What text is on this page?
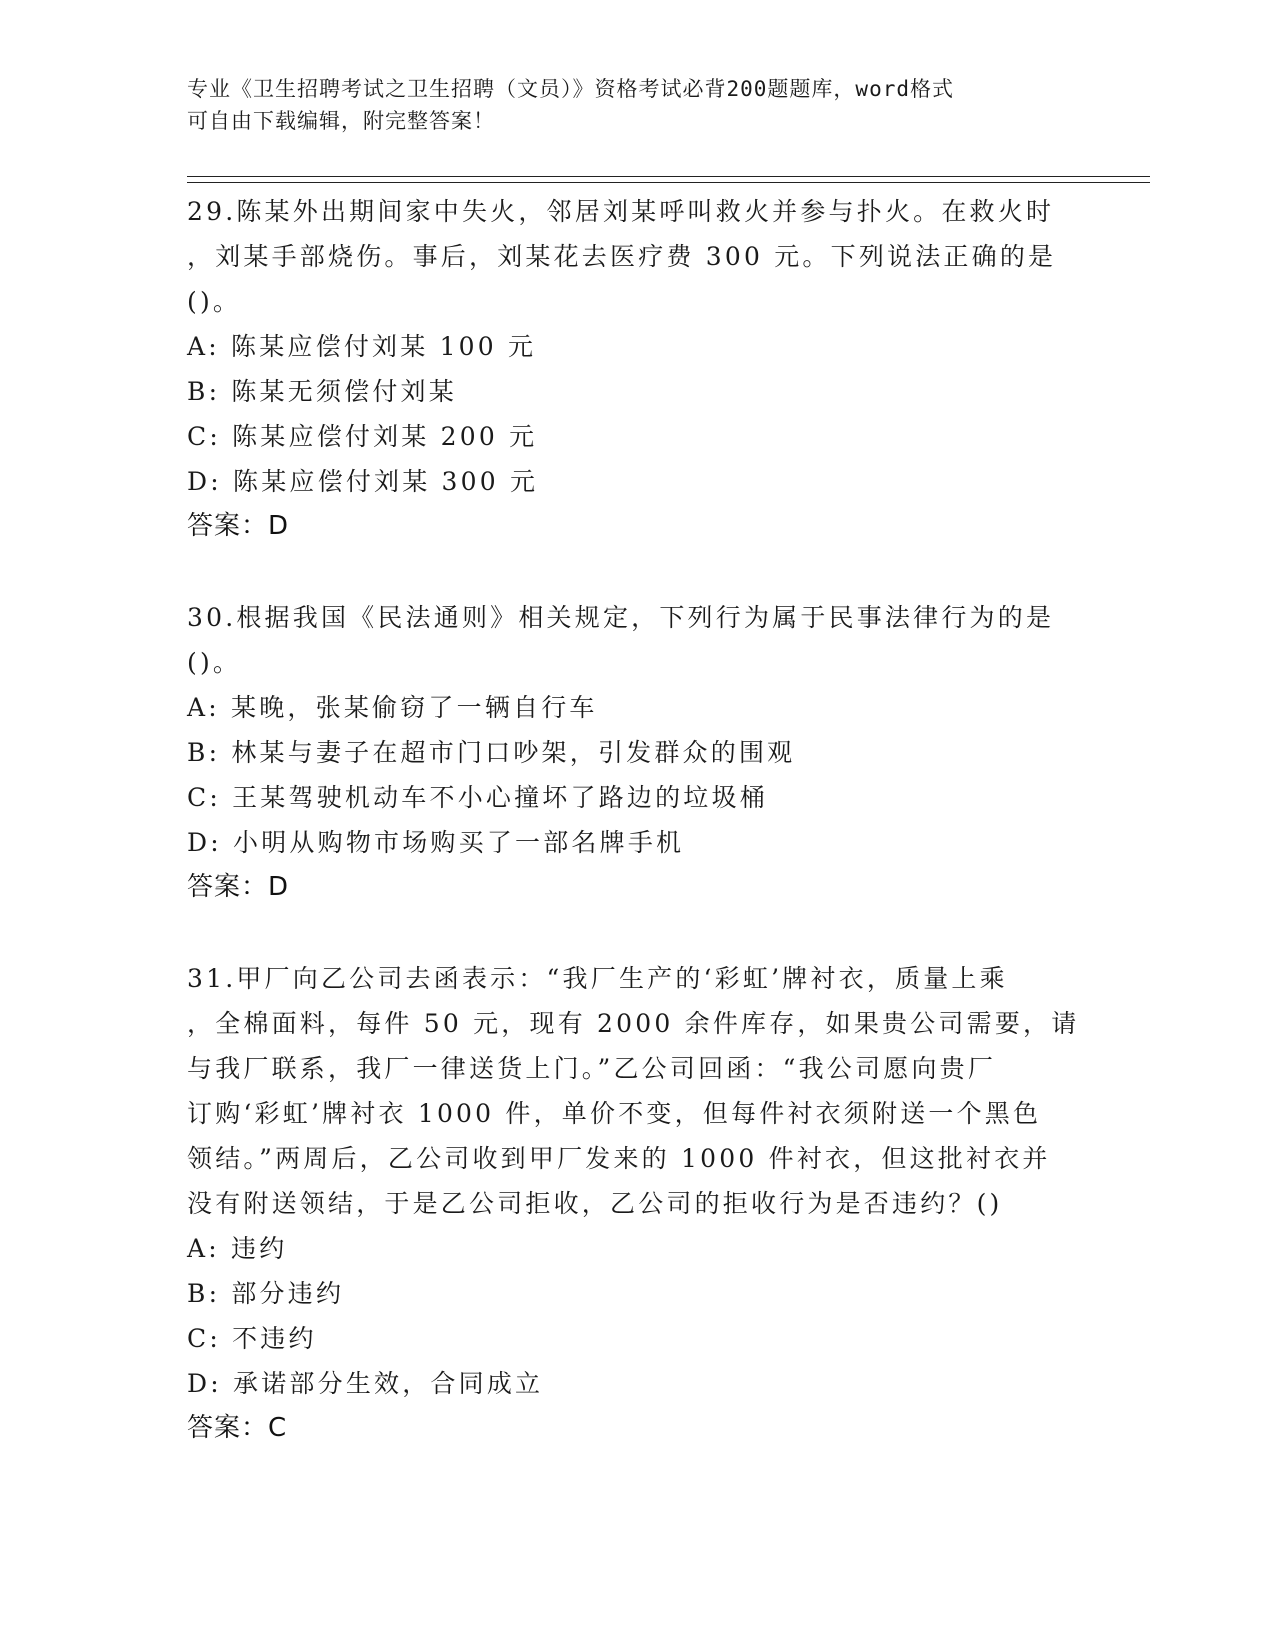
专业《卫生招聘考试之卫生招聘（文员）》资格考试必背200题题库，word格式
可自由下载编辑，附完整答案！
29.陈某外出期间家中失火，邻居刘某呼叫救火并参与扑火。在救火时
，刘某手部烧伤。事后，刘某花去医疗费 300 元。下列说法正确的是
()。
A: 陈某应偿付刘某 100 元
B: 陈某无须偿付刘某
C: 陈某应偿付刘某 200 元
D: 陈某应偿付刘某 300 元
答案：D
30.根据我国《民法通则》相关规定，下列行为属于民事法律行为的是
()。
A: 某晚，张某偷窃了一辆自行车
B: 林某与妻子在超市门口吵架，引发群众的围观
C: 王某驾驶机动车不小心撞坏了路边的垃圾桶
D: 小明从购物市场购买了一部名牌手机
答案：D
31.甲厂向乙公司去函表示：“我厂生产的‘彩虹’牌衬衣，质量上乘
，全棉面料，每件 50 元，现有 2000 余件库存，如果贵公司需要，请
与我厂联系，我厂一律送货上门。”乙公司回函：“我公司愿向贵厂
订购‘彩虹’牌衬衣 1000 件，单价不变，但每件衬衣须附送一个黑色
领结。”两周后，乙公司收到甲厂发来的 1000 件衬衣，但这批衬衣并
没有附送领结，于是乙公司拒收，乙公司的拒收行为是否违约？()
A: 违约
B: 部分违约
C: 不违约
D: 承诺部分生效，合同成立
答案：C
